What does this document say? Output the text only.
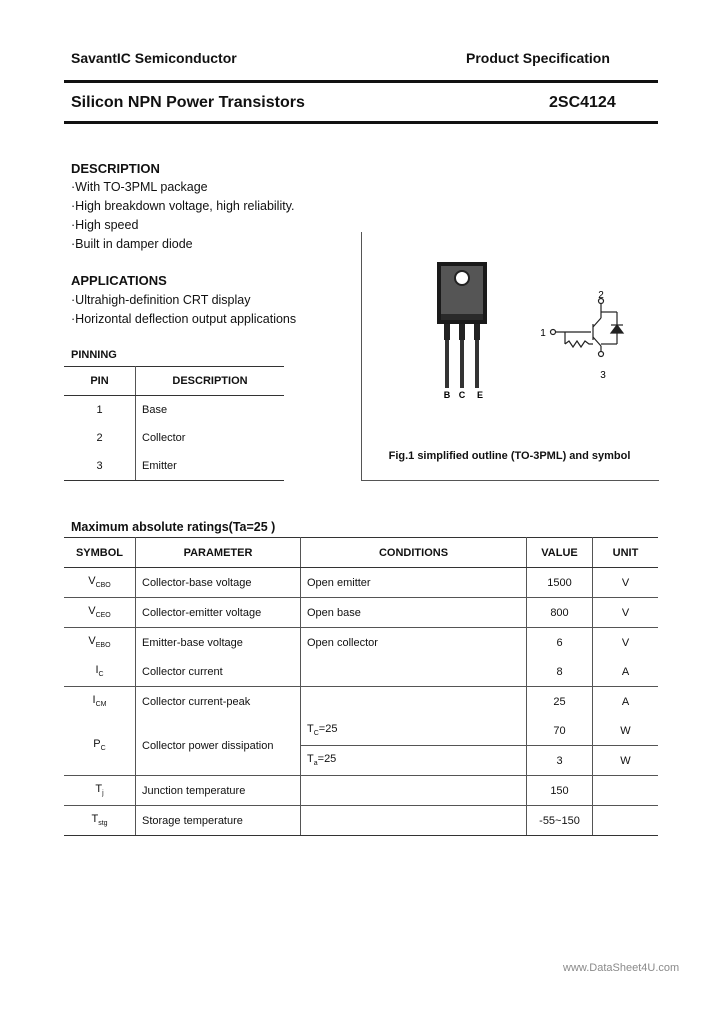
SavantIC Semiconductor	Product Specification
Silicon NPN Power Transistors	2SC4124
DESCRIPTION
·With TO-3PML package
·High breakdown voltage, high reliability.
·High speed
·Built in damper diode
APPLICATIONS
·Ultrahigh-definition CRT display
·Horizontal deflection output applications
PINNING
PIN	DESCRIPTION
1	Base
2	Collector
3	Emitter
B C E
1
2
3
Fig.1 simplified outline (TO-3PML) and symbol
Maximum absolute ratings(Ta=25 )
SYMBOL	PARAMETER	CONDITIONS	VALUE	UNIT
$V_{CBO}$	Collector-base voltage	Open emitter	1500	V
$V_{CEO}$	Collector-emitter voltage	Open base	800	V
$V_{EBO}$	Emitter-base voltage	Open collector	6	V
$I_C$	Collector current		8	A
$I_{CM}$	Collector current-peak		25	A
$P_C$	Collector power dissipation	$T_C=25$	70	W
		$T_a=25$	3	W
$T_j$	Junction temperature		150	
$T_{stg}$	Storage temperature		-55~150	
www.DataSheet4U.com
